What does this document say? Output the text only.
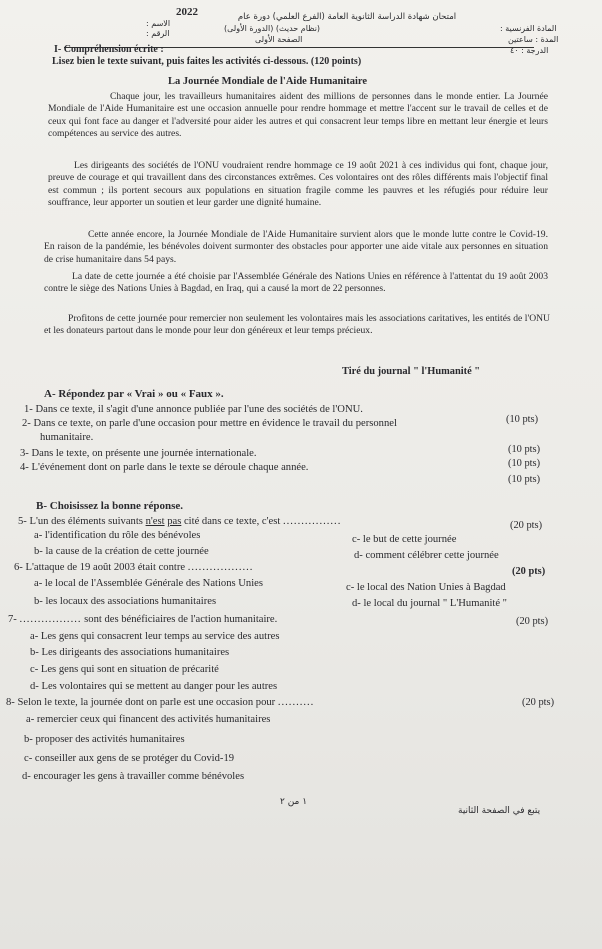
2022	امتحان شهادة الدراسة الثانوية العامة (الفرع العلمي) دورة عام
(نظام حديث) (الدورة الأولى)
الصفحة الأولى
الاسم :
الرقم :
المادة الفرنسية :
المدة : ساعتين
الدرجة : ٤٠
I- Compréhension écrite :
Lisez bien le texte suivant, puis faites les activités ci-dessous. (120 points)
La Journée Mondiale de l'Aide Humanitaire
Chaque jour, les travailleurs humanitaires aident des millions de personnes dans le monde entier. La Journée Mondiale de l'Aide Humanitaire est une occasion annuelle pour rendre hommage et mettre l'accent sur le travail de celles et de ceux qui font face au danger et l'adversité pour aider les autres et qui consacrent leur temps libre en mettant leur énergie et leurs compétences au service des autres.
Les dirigeants des sociétés de l'ONU voudraient rendre hommage ce 19 août 2021 à ces individus qui font, chaque jour, preuve de courage et qui travaillent dans des circonstances extrêmes. Ces volontaires ont des rôles différents mais l'objectif final est commun ; ils portent secours aux populations en situation fragile comme les pauvres et les réfugiés pour réduire leur souffrance, leur apporter un soutien et leur garder une dignité humaine.
Cette année encore, la Journée Mondiale de l'Aide Humanitaire survient alors que le monde lutte contre le Covid-19. En raison de la pandémie, les bénévoles doivent surmonter des obstacles pour apporter une aide vitale aux personnes en situation de crise humanitaire dans 54 pays.
La date de cette journée a été choisie par l'Assemblée Générale des Nations Unies en référence à l'attentat du 19 août 2003 contre le siège des Nations Unies à Bagdad, en Iraq, qui a causé la mort de 22 personnes.
Profitons de cette journée pour remercier non seulement les volontaires mais les associations caritatives, les entités de l'ONU et les donateurs partout dans le monde pour leur don généreux et leur temps précieux.
Tiré du journal " l'Humanité "
A- Répondez par « Vrai » ou « Faux ».
1- Dans ce texte, il s'agit d'une annonce publiée par l'une des sociétés de l'ONU.
(10 pts)
2- Dans ce texte, on parle d'une occasion pour mettre en évidence le travail du personnel
humanitaire.
(10 pts)
3- Dans le texte, on présente une journée internationale.
(10 pts)
4- L'événement dont on parle dans le texte se déroule chaque année.
(10 pts)
B- Choisissez la bonne réponse.
5- L'un des éléments suivants n'est pas cité dans ce texte, c'est ................	(20 pts)
a- l'identification du rôle des bénévoles	c- le but de cette journée
b- la cause de la création de cette journée	d- comment célébrer cette journée
6- L'attaque de 19 août 2003 était contre ..................	(20 pts)
a- le local de l'Assemblée Générale des Nations Unies	c- le local des Nation Unies à Bagdad
b- les locaux des associations humanitaires	d- le local du journal " L'Humanité "
7- ................. sont des bénéficiaires de l'action humanitaire.	(20 pts)
a- Les gens qui consacrent leur temps au service des autres
b- Les dirigeants des associations humanitaires
c- Les gens qui sont en situation de précarité
d- Les volontaires qui se mettent au danger pour les autres
8- Selon le texte, la journée dont on parle est une occasion pour ..........	(20 pts)
a- remercier ceux qui financent des activités humanitaires
b- proposer des activités humanitaires
c- conseiller aux gens de se protéger du Covid-19
d- encourager les gens à travailler comme bénévoles
١ من ٢
يتبع في الصفحة الثانية
